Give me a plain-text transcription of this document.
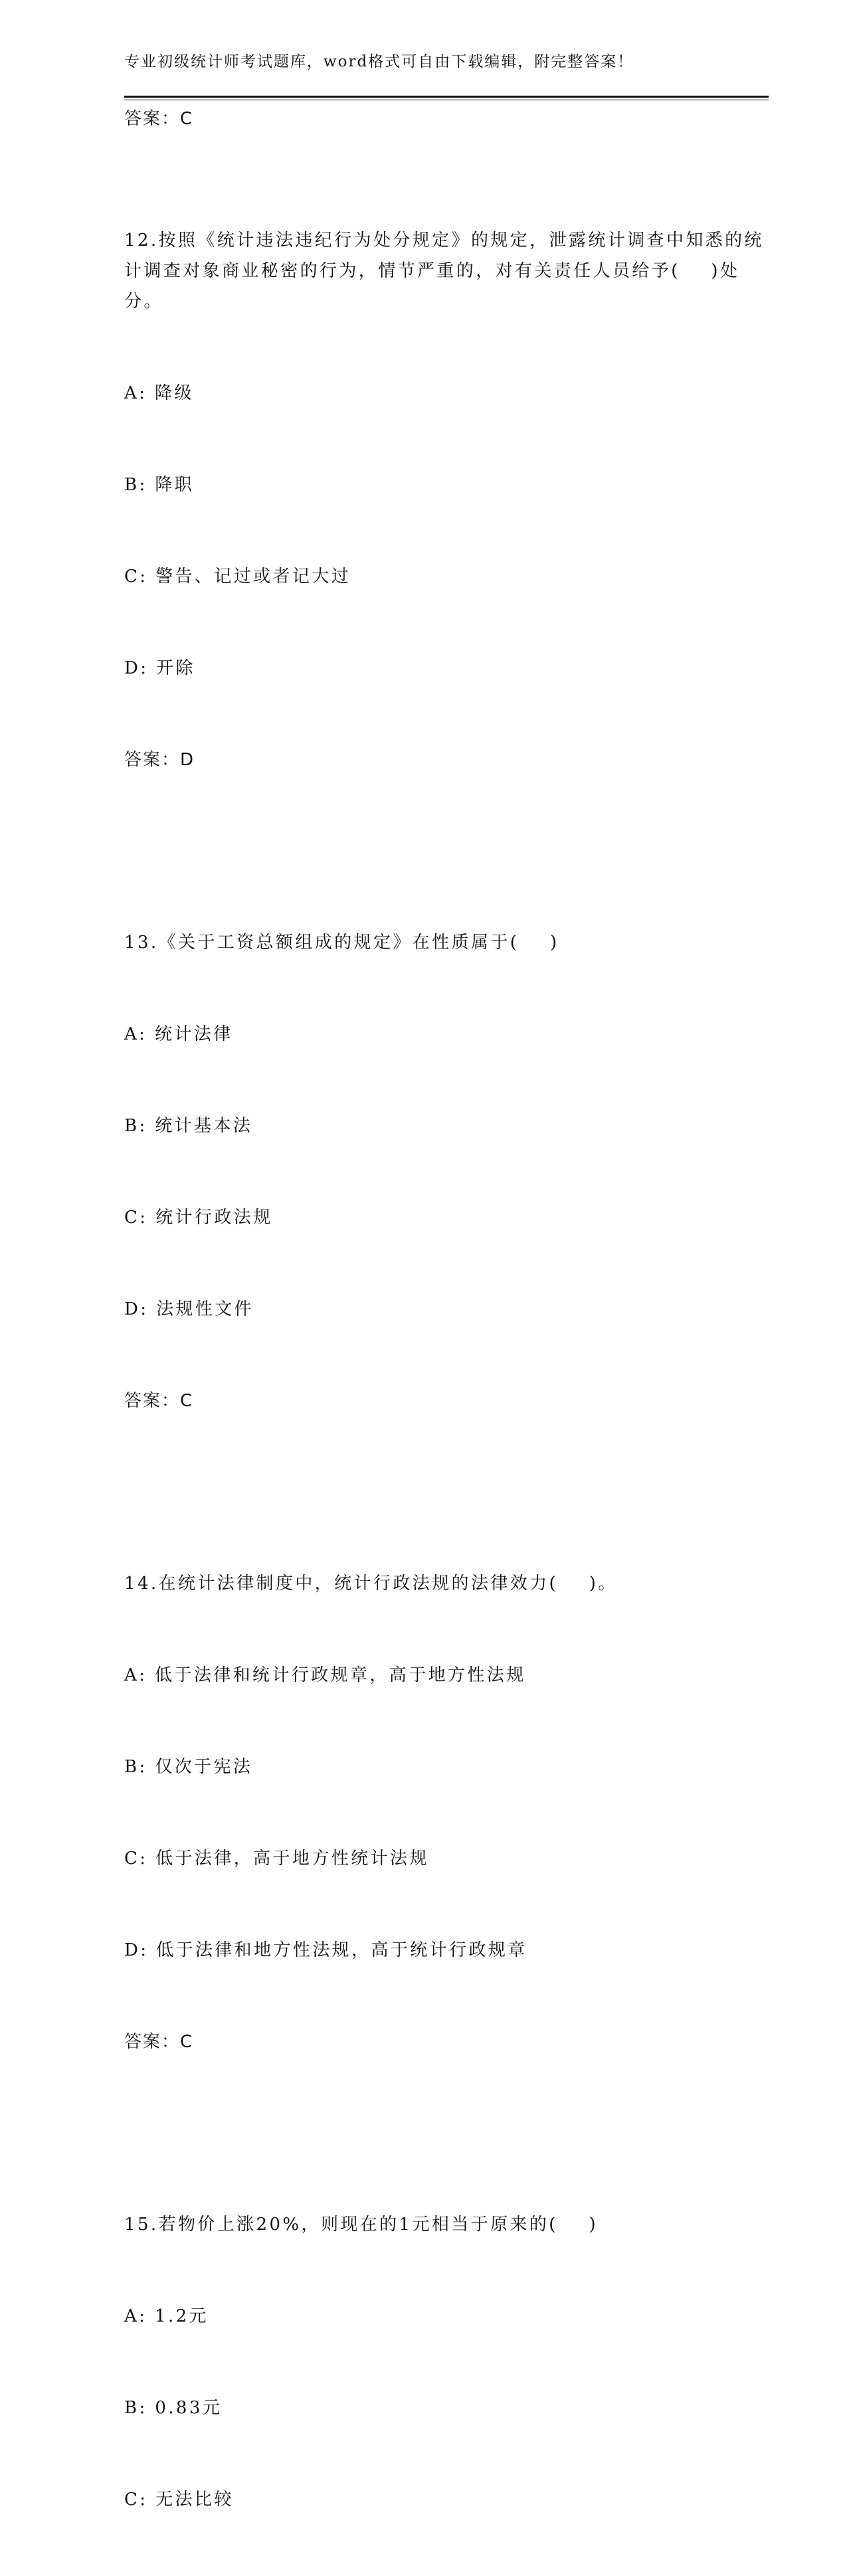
专业初级统计师考试题库，word格式可自由下载编辑，附完整答案！
答案：C

12.按照《统计违法违纪行为处分规定》的规定，泄露统计调查中知悉的统计调查对象商业秘密的行为，情节严重的，对有关责任人员给予(    )处分。

A: 降级

B: 降职

C: 警告、记过或者记大过

D: 开除

答案：D

13.《关于工资总额组成的规定》在性质属于(    )

A: 统计法律

B: 统计基本法

C: 统计行政法规

D: 法规性文件

答案：C

14.在统计法律制度中，统计行政法规的法律效力(    )。

A: 低于法律和统计行政规章，高于地方性法规

B: 仅次于宪法

C: 低于法律，高于地方性统计法规

D: 低于法律和地方性法规，高于统计行政规章

答案：C

15.若物价上涨20%，则现在的1元相当于原来的(    )

A: 1.2元

B: 0.83元

C: 无法比较
